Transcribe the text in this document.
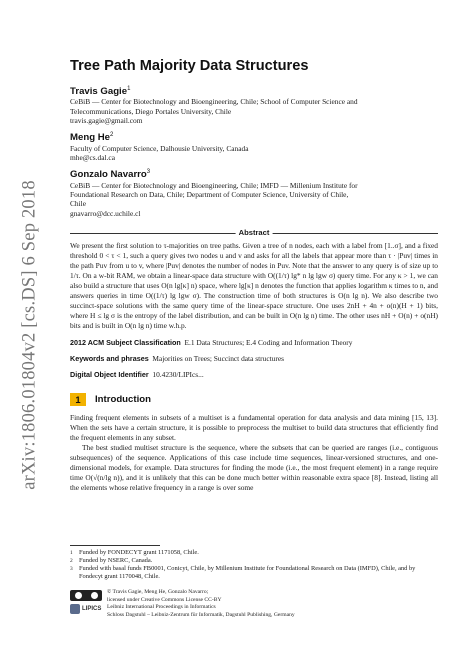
arXiv:1806.01804v2 [cs.DS] 6 Sep 2018
Tree Path Majority Data Structures
Travis Gagie$^1$
CeBiB — Center for Biotechnology and Bioengineering, Chile; School of Computer Science and
Telecommunications, Diego Portales University, Chile
travis.gagie@gmail.com
Meng He$^2$
Faculty of Computer Science, Dalhousie University, Canada
mhe@cs.dal.ca
Gonzalo Navarro$^3$
CeBiB — Center for Biotechnology and Bioengineering, Chile; IMFD — Millenium Institute for
Foundational Research on Data, Chile; Department of Computer Science, University of Chile,
Chile
gnavarro@dcc.uchile.cl
Abstract
We present the first solution to τ-majorities on tree paths. Given a tree of n nodes, each with a label from [1..σ], and a fixed threshold 0 < τ < 1, such a query gives two nodes u and v and asks for all the labels that appear more than τ · |Puv| times in the path Puv from u to v, where |Puv| denotes the number of nodes in Puv. Note that the answer to any query is of size up to 1/τ. On a w-bit RAM, we obtain a linear-space data structure with O((1/τ) lg* n lg lgw σ) query time. For any κ > 1, we can also build a structure that uses O(n lg[κ] n) space, where lg[κ] n denotes the function that applies logarithm κ times to n, and answers queries in time O((1/τ) lg lgw σ). The construction time of both structures is O(n lg n). We also describe two succinct-space solutions with the same query time of the linear-space structure. One uses 2nH + 4n + o(n)(H + 1) bits, where H ≤ lg σ is the entropy of the label distribution, and can be built in O(n lg n) time. The other uses nH + O(n) + o(nH) bits and is built in O(n lg n) time w.h.p.
2012 ACM Subject Classification E.1 Data Structures; E.4 Coding and Information Theory
Keywords and phrases Majorities on Trees; Succinct data structures
Digital Object Identifier 10.4230/LIPIcs...
1	Introduction

Finding frequent elements in subsets of a multiset is a fundamental operation for data analysis and data mining [15, 13]. When the sets have a certain structure, it is possible to preprocess the multiset to build data structures that efficiently find the frequent elements in any subset.

The best studied multiset structure is the sequence, where the subsets that can be queried are ranges (i.e., contiguous subsequences) of the sequence. Applications of this case include time sequences, linear-versioned structures, and one-dimensional models, for example. Data structures for finding the mode (i.e., the most frequent element) in a range require time O(√(n/lg n)), and it is unlikely that this can be done much better within reasonable extra space [8]. Instead, listing all the elements whose relative frequency in a range is over some

1 Funded by FONDECYT grant 1171058, Chile.
2 Funded by NSERC, Canada.
3 Funded with basal funds FB0001, Conicyt, Chile, by Millenium Institute for Foundational Research on Data (IMFD), Chile, and by Fondecyt grant 1170048, Chile.
LIPICS
© Travis Gagie, Meng He, Gonzalo Navarro;
licensed under Creative Commons License CC-BY
Leibniz International Proceedings in Informatics
Schloss Dagstuhl – Leibniz-Zentrum für Informatik, Dagstuhl Publishing, Germany
